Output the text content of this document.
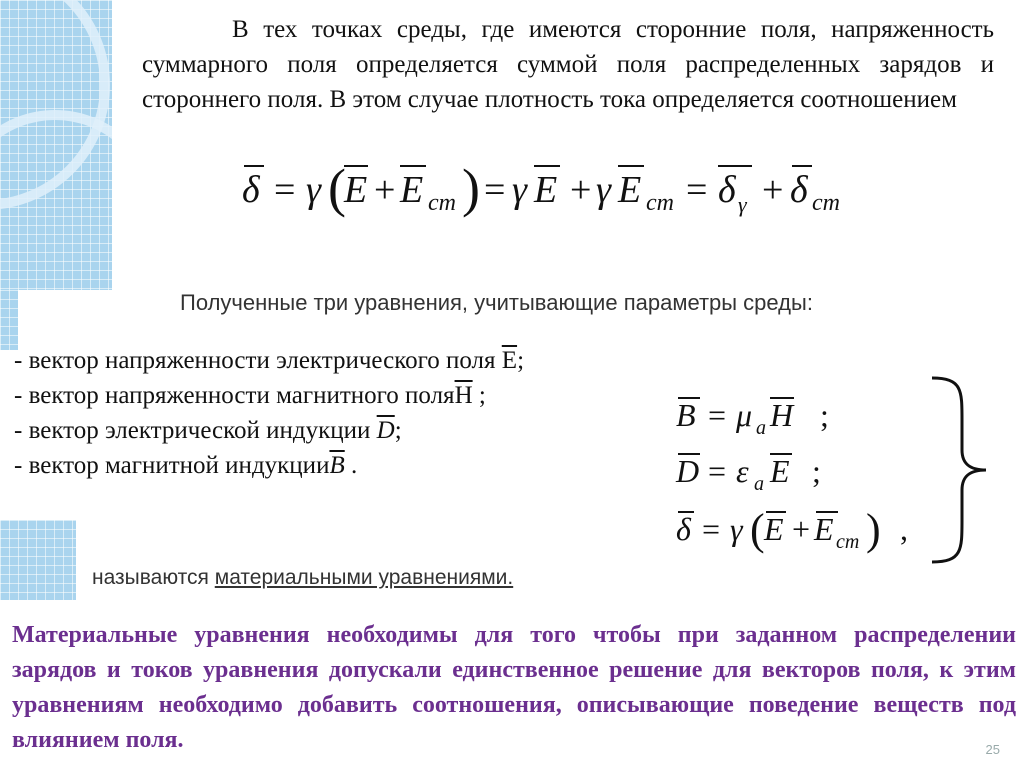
В тех точках среды, где имеются сторонние поля, напряженность суммарного поля определяется суммой поля распределенных зарядов и стороннего поля. В этом случае плотность тока определяется соотношением
δ = γ (
E + E cm ) = γ E + γ E cm = δ γ + δ cm
Полученные три уравнения, учитывающие параметры среды:
- вектор напряженности электрического поля $\overline{E}$;
- вектор напряженности магнитного $поля\overline{H}$ ;
- вектор электрической индукции $\overline{D}$;
- вектор магнитной $индукции\overline{B}$ .
B = μ a H ;
D = ε a E ;
δ = γ ( E + E cm ) ,
называются материальными уравнениями.
Материальные уравнения необходимы для того чтобы при заданном распределении зарядов и токов уравнения допускали единственное решение для векторов поля, к этим уравнениям необходимо добавить соотношения, описывающие поведение веществ под влиянием поля.	25
